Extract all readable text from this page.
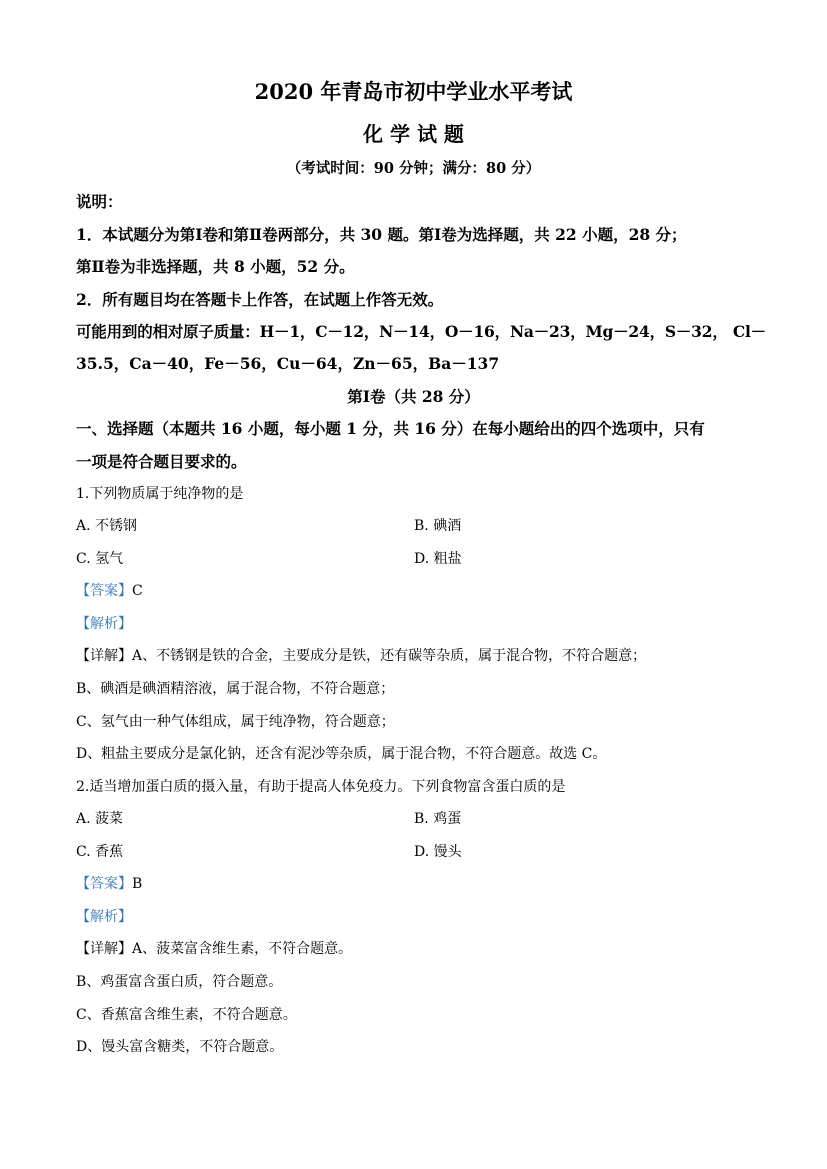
2020 年青岛市初中学业水平考试
化 学 试 题
（考试时间：90 分钟；满分：80 分）
说明：
1．本试题分为第Ⅰ卷和第Ⅱ卷两部分，共 30 题。第Ⅰ卷为选择题，共 22 小题，28 分；
第Ⅱ卷为非选择题，共 8 小题，52 分。
2．所有题目均在答题卡上作答，在试题上作答无效。
可能用到的相对原子质量：H－1，C－12，N－14，O－16，Na－23，Mg－24，S－32， Cl－
35.5，Ca－40，Fe－56，Cu－64，Zn－65，Ba－137
第Ⅰ卷（共 28 分）
一、选择题（本题共 16 小题，每小题 1 分，共 16 分）在每小题给出的四个选项中，只有
一项是符合题目要求的。
1.下列物质属于纯净物的是
A. 不锈钢	B. 碘酒
C. 氢气	D. 粗盐
【答案】C
【解析】
【详解】A、不锈钢是铁的合金，主要成分是铁，还有碳等杂质，属于混合物，不符合题意；
B、碘酒是碘酒精溶液，属于混合物，不符合题意；
C、氢气由一种气体组成，属于纯净物，符合题意；
D、粗盐主要成分是氯化钠，还含有泥沙等杂质，属于混合物，不符合题意。故选 C。
2.适当增加蛋白质的摄入量，有助于提高人体免疫力。下列食物富含蛋白质的是
A. 菠菜	B. 鸡蛋
C. 香蕉	D. 馒头
【答案】B
【解析】
【详解】A、菠菜富含维生素，不符合题意。
B、鸡蛋富含蛋白质，符合题意。
C、香蕉富含维生素，不符合题意。
D、馒头富含糖类，不符合题意。
